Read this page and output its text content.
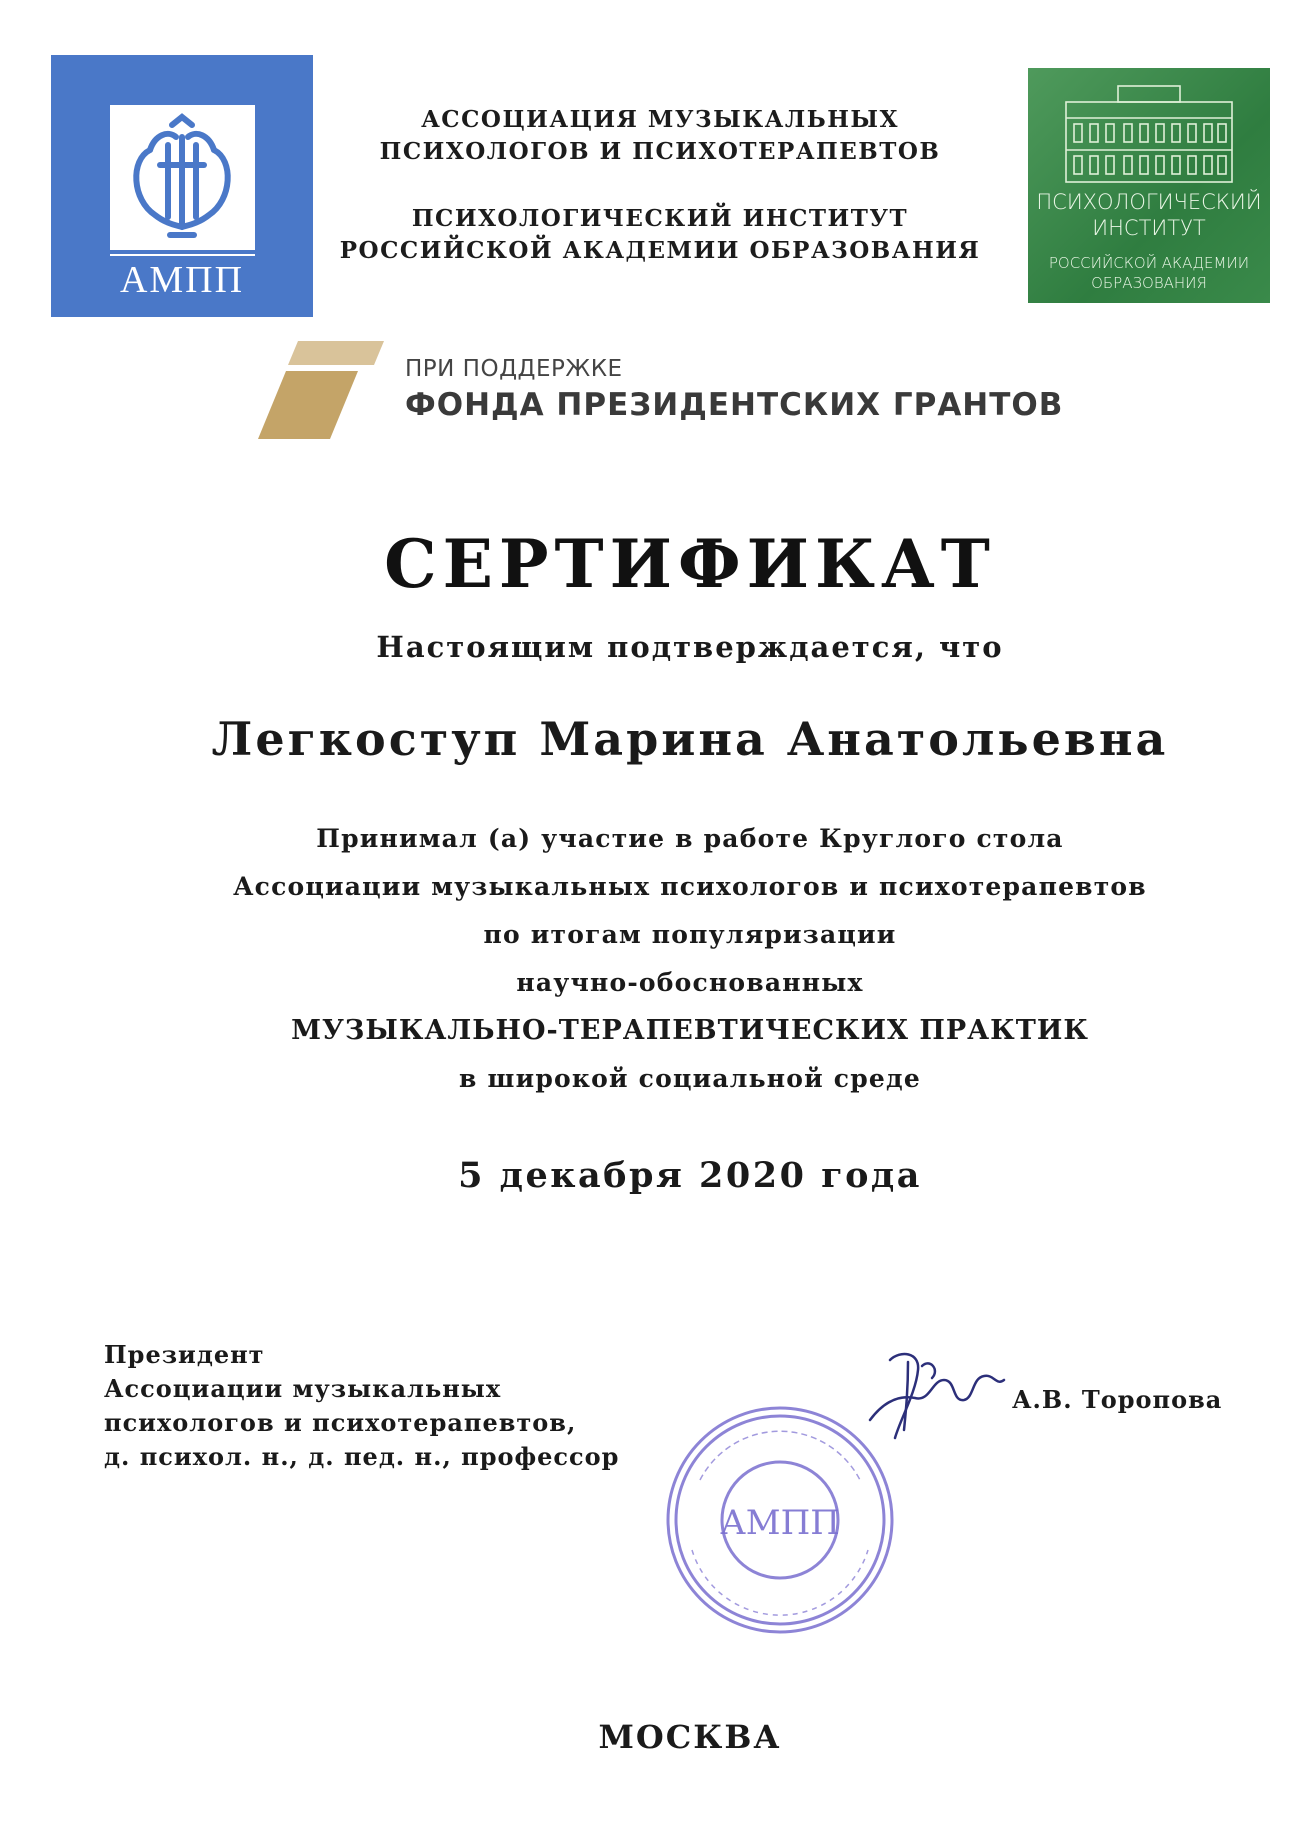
АМПП
АССОЦИАЦИЯ МУЗЫКАЛЬНЫХ
ПСИХОЛОГОВ И ПСИХОТЕРАПЕВТОВ
ПСИХОЛОГИЧЕСКИЙ ИНСТИТУТ
РОССИЙСКОЙ АКАДЕМИИ ОБРАЗОВАНИЯ
ПСИХОЛОГИЧЕСКИЙ
ИНСТИТУТ
РОССИЙСКОЙ АКАДЕМИИ
ОБРАЗОВАНИЯ
ПРИ ПОДДЕРЖКЕ
ФОНДА ПРЕЗИДЕНТСКИХ ГРАНТОВ
СЕРТИФИКАТ
Настоящим подтверждается, что
Легкоступ Марина Анатольевна
Принимал (а) участие в работе Круглого стола
Ассоциации музыкальных психологов и психотерапевтов
по итогам популяризации
научно-обоснованных
МУЗЫКАЛЬНО-ТЕРАПЕВТИЧЕСКИХ ПРАКТИК
в широкой социальной среде
5 декабря 2020 года
Президент
Ассоциации музыкальных
психологов и психотерапевтов,
д. психол. н., д. пед. н., профессор
АМПП
А.В. Торопова
МОСКВА
